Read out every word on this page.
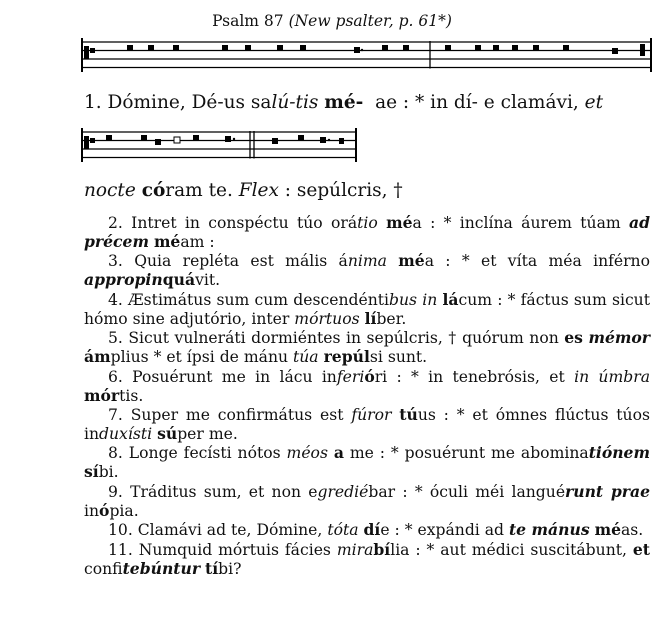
Psalm 87 (New psalter, p. 61*)
1. Dómine, Dé-us salú-tis mé-  ae : * in dí- e clamávi, et
nocte córam te. Flex : sepúlcris, †

2. Intret in conspéctu túo orátio méa : * inclína áurem túam ad précem méam :

3. Quia repléta est mális ánima méa : * et víta méa inférno appropinquávit.

4. Æstimátus sum cum descendéntibus in lácum : * fáctus sum sicut hómo sine adjutório, inter mórtuos líber.

5. Sicut vulneráti dormiéntes in sepúlcris, † quórum non es mémor ámplius * et ípsi de mánu túa repúlsi sunt.

6. Posuérunt me in lácu inferióri : * in tenebrósis, et in úmbra mórtis.

7. Super me confirmátus est fúror túus : * et ómnes flúctus túos induxísti súper me.

8. Longe fecísti nótos méos a me : * posuérunt me abominatiónem síbi.

9. Tráditus sum, et non egrediébar : * óculi méi languérunt prae inópia.

10. Clamávi ad te, Dómine, tóta díe : * expándi ad te mánus méas.

11. Numquid mórtuis fácies mirabília : * aut médici suscitábunt, et confitebúntur tíbi?
